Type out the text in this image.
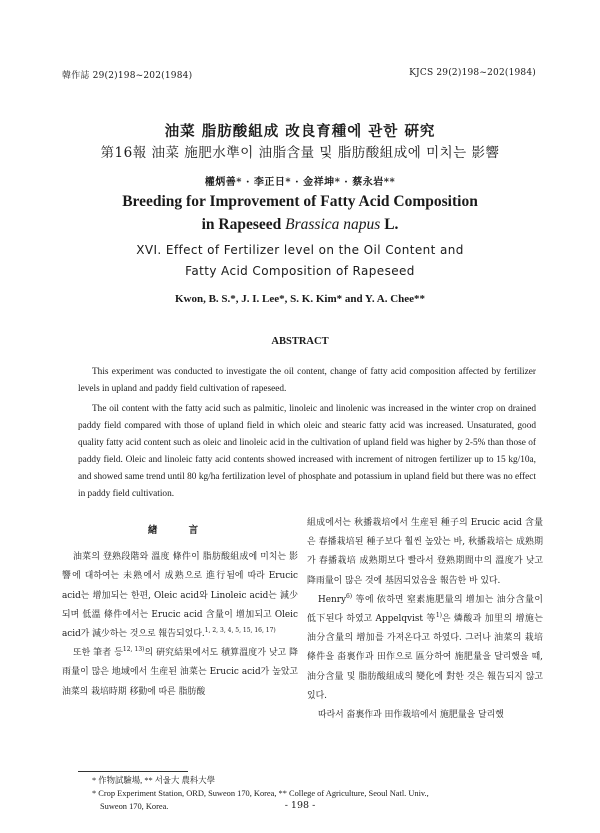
韓作誌 29(2)198~202(1984)	KJCS 29(2)198~202(1984)
油菜 脂肪酸組成 改良育種에 관한 硏究
第16報 油菜 施肥水準이 油脂含量 및 脂肪酸組成에 미치는 影響
權炳善* · 李正日* · 金祥坤* · 蔡永岩**
Breeding for Improvement of Fatty Acid Composition
in Rapeseed Brassica napus L.
XVI. Effect of Fertilizer level on the Oil Content and
Fatty Acid Composition of Rapeseed
Kwon, B. S.*, J. I. Lee*, S. K. Kim* and Y. A. Chee**
ABSTRACT

This experiment was conducted to investigate the oil content, change of fatty acid composition affected by fertilizer levels in upland and paddy field cultivation of rapeseed.

The oil content with the fatty acid such as palmitic, linoleic and linolenic was increased in the winter crop on drained paddy field compared with those of upland field in which oleic and stearic fatty acid was increased. Unsaturated, good quality fatty acid content such as oleic and linoleic acid in the cultivation of upland field was higher by 2-5% than those of paddy field. Oleic and linoleic fatty acid contents showed increased with increment of nitrogen fertilizer up to 15 kg/10a, and showed same trend until 80 kg/ha fertilization level of phosphate and potassium in upland field but there was no effect in paddy field cultivation.

緖 言

油菜의 登熟段階와 溫度 條件이 脂肪酸組成에 미치는 影響에 대하여는 未熟에서 成熟으로 進行됨에 따라 Erucic acid는 增加되는 한편, Oleic acid와 Linoleic acid는 減少되며 低溫 條件에서는 Erucic acid 含量이 增加되고 Oleic acid가 減少하는 것으로 報告되었다.$^{1, 2, 3, 4, 5, 15, 16, 17)}$

또한 筆者 등$^{12, 13)}$의 硏究結果에서도 積算溫度가 낮고 降雨量이 많은 地域에서 生産된 油菜는 Erucic acid가 높았고 油菜의 栽培時期 移動에 따른 脂肪酸

組成에서는 秋播栽培에서 生産된 種子의 Erucic acid 含量은 春播栽培된 種子보다 훨씬 높았는 바, 秋播栽培는 成熟期가 春播栽培 成熟期보다 빨라서 登熟期間中의 溫度가 낮고 降雨量이 많은 것에 基因되었음을 報告한 바 있다.

Henry$^{6)}$ 等에 依하면 窒素施肥量의 增加는 油分含量이 低下된다 하였고 Appelqvist 等$^{1)}$은 燐酸과 加里의 增施는 油分含量의 增加를 가져온다고 하였다. 그러나 油菜의 栽培條件을 畓裏作과 田作으로 區分하여 施肥量을 달리했을 때, 油分含量 및 脂肪酸組成의 變化에 對한 것은 報告되지 않고 있다.

따라서 畓裏作과 田作栽培에서 施肥量을 달리했

* 作物試驗場, ** 서울大 農科大學
* Crop Experiment Station, ORD, Suweon 170, Korea, ** College of Agriculture, Seoul Natl. Univ.,
Suweon 170, Korea.	- 198 -
